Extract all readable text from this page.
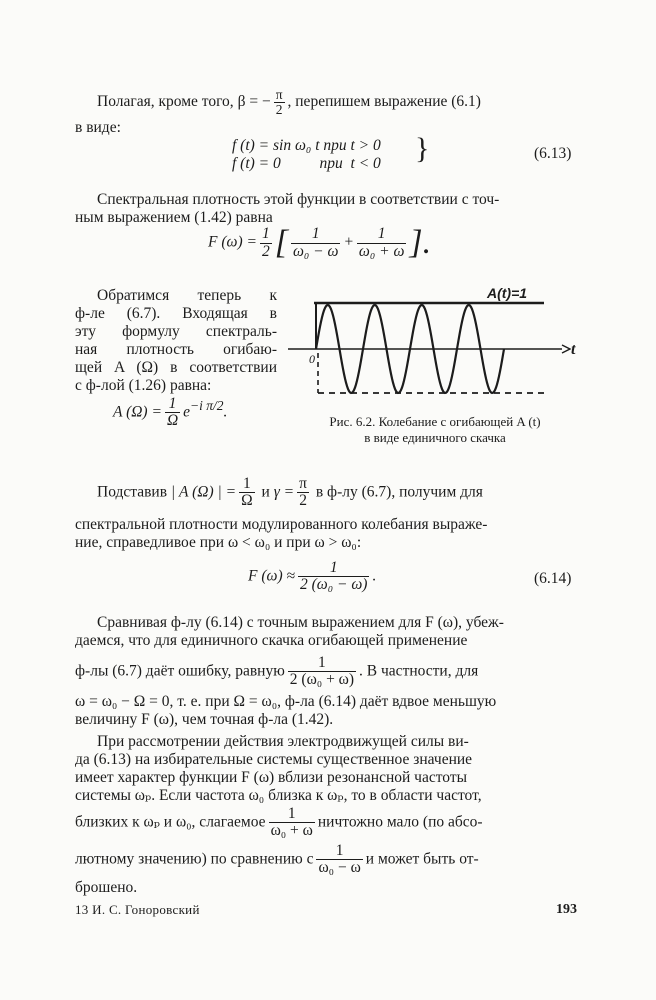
Полагая, кроме того, β = − $\frac{\pi}{2}$ , перепишем выражение (6.1)
в виде:
f (t) = sin ω₀ t при t > 0
f (t) = 0          при  t < 0 }	(6.13)
Спектральная плотность этой функции в соответствии с точ-
ным выражением (1.42) равна
F $(\omega) = \frac{1}{2}$ [ $\frac{1}{\text{ω₀ − ω}} + \frac{1}{\text{ω₀ + ω}}$ ].
Обратимся теперь к
ф-ле (6.7). Входящая в
эту формулу спектраль-
ная плотность огибаю-
щей A (Ω) в соответствии
с ф-лой (1.26) равна:
A $(\Omega) = \frac{1}{\Omega} e^{-i \pi/2}$.
A(t)=1
t
0
Рис. 6.2. Колебание с огибающей A (t)
в виде единичного скачка
Подставив | A (Ω) | = $\frac{1}{\Omega}$ и $\gamma = \frac{\pi}{2}$ в ф-лу (6.7), получим для
спектральной плотности модулированного колебания выраже-
ние, справедливое при ω < ω₀ и при ω > ω₀:
F $(\omega) \approx \frac{1}{\text{2 (ω₀ − ω)}}$ .	(6.14)
Сравнивая ф-лу (6.14) с точным выражением для F (ω), убеж-
даемся, что для единичного скачка огибающей применение
ф-лы (6.7) даёт ошибку, равную $\frac{1}{\text{2 (ω₀ + ω)}}$ . В частности, для
ω = ω₀ − Ω = 0, т. е. при Ω = ω₀, ф-ла (6.14) даёт вдвое меньшую
величину F (ω), чем точная ф-ла (1.42).
При рассмотрении действия электродвижущей силы ви-
да (6.13) на избирательные системы существенное значение
имеет характер функции F (ω) вблизи резонансной частоты
системы ωₚ. Если частота ω₀ близка к ωₚ, то в области частот,
близких к ωₚ и ω₀, слагаемое $\frac{1}{\text{ω₀ + ω}}$ ничтожно мало (по абсо-
лютному значению) по сравнению с $\frac{1}{\text{ω₀ − ω}}$ и может быть от-
брошено.
13 И. С. Гоноровский	193
